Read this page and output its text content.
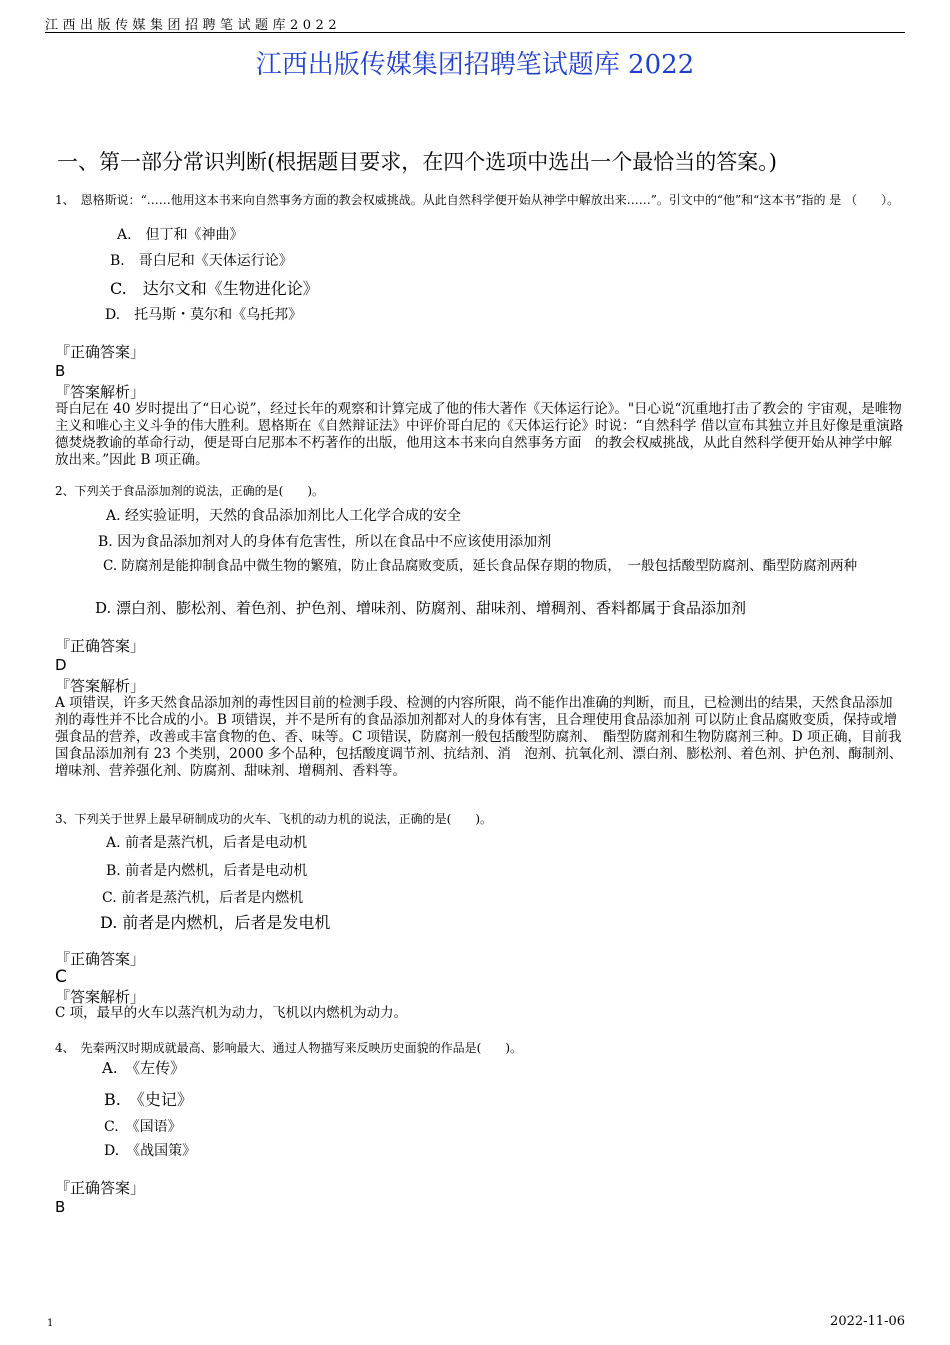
江西出版传媒集团招聘笔试题库2022
江西出版传媒集团招聘笔试题库 2022
一、第一部分常识判断(根据题目要求，在四个选项中选出一个最恰当的答案。)
1、　恩格斯说：“……他用这本书来向自然事务方面的教会权威挑战。从此自然科学便开始从神学中解放出来……”。引文中的“他”和“这本书”指的 是 （　　）。
A.　但丁和《神曲》
B.　哥白尼和《天体运行论》
C.　达尔文和《生物进化论》
D.　托马斯・莫尔和《乌托邦》
『正确答案」
B
『答案解析」
哥白尼在 40 岁时提出了“日心说”，经过长年的观察和计算完成了他的伟大著作《天体运行论》。"日心说“沉重地打击了教会的 宇宙观，是唯物主义和唯心主义斗争的伟大胜利。恩格斯在《自然辩证法》中评价哥白尼的《天体运行论》时说：“自然科学 借以宣布其独立并且好像是重演路德焚烧教谕的革命行动，便是哥白尼那本不朽著作的出版，他用这本书来向自然事务方面　的教会权威挑战，从此自然科学便开始从神学中解放出来。”因此 B 项正确。
2、下列关于食品添加剂的说法，正确的是(　　)。
A. 经实验证明，天然的食品添加剂比人工化学合成的安全
B. 因为食品添加剂对人的身体有危害性，所以在食品中不应该使用添加剂
C. 防腐剂是能抑制食品中微生物的繁殖，防止食品腐败变质，延长食品保存期的物质，　一般包括酸型防腐剂、酯型防腐剂两种
D. 漂白剂、膨松剂、着色剂、护色剂、增味剂、防腐剂、甜味剂、增稠剂、香料都属于食品添加剂
『正确答案」
D
『答案解析」
A 项错误，许多天然食品添加剂的毒性因目前的检测手段、检测的内容所限，尚不能作出准确的判断，而且，已检测出的结果，天然食品添加剂的毒性并不比合成的小。B 项错误，并不是所有的食品添加剂都对人的身体有害，且合理使用食品添加剂 可以防止食品腐败变质，保持或增强食品的营养，改善或丰富食物的色、香、味等。C 项错误，防腐剂一般包括酸型防腐剂、　酯型防腐剂和生物防腐剂三种。D 项正确，目前我国食品添加剂有 23 个类别，2000 多个品种，包括酸度调节剂、抗结剂、消　泡剂、抗氧化剂、漂白剂、膨松剂、着色剂、护色剂、酶制剂、增味剂、营养强化剂、防腐剂、甜味剂、增稠剂、香料等。
3、下列关于世界上最早研制成功的火车、飞机的动力机的说法，正确的是(　　)。
A. 前者是蒸汽机，后者是电动机
B. 前者是内燃机，后者是电动机
C. 前者是蒸汽机，后者是内燃机
D. 前者是内燃机，后者是发电机
『正确答案」
C
『答案解析」
C 项，最早的火车以蒸汽机为动力，飞机以内燃机为动力。
4、　先秦两汉时期成就最高、影响最大、通过人物描写来反映历史面貌的作品是(　　)。
A.　《左传》
B.　《史记》
C.　《国语》
D.　《战国策》
『正确答案」
B
1	2022-11-06
